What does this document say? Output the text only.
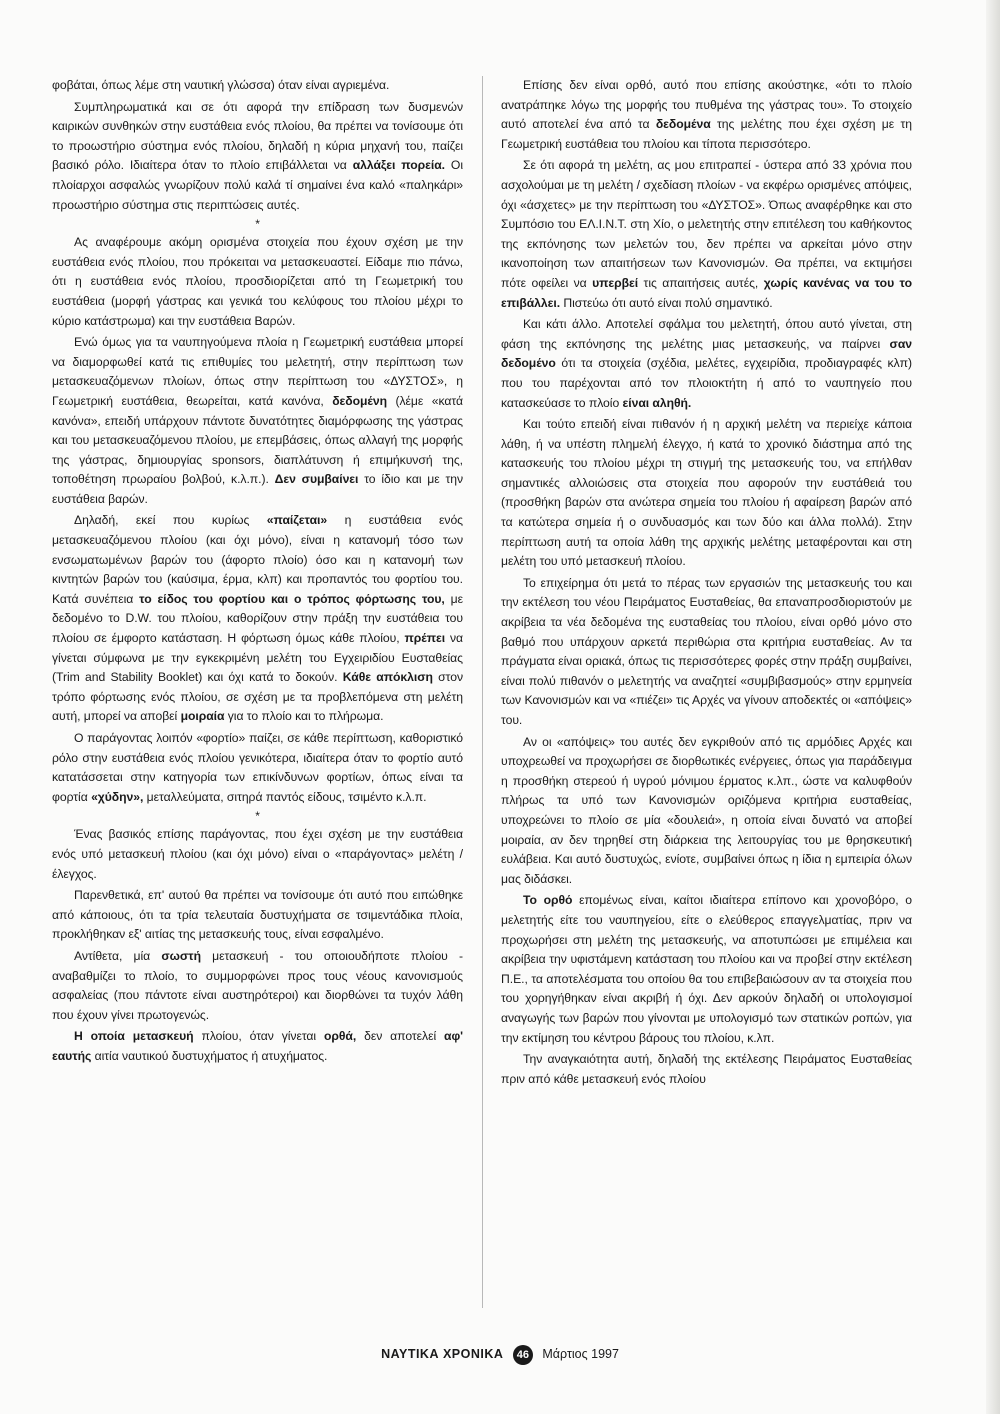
φοβάται, όπως λέμε στη ναυτική γλώσσα) όταν είναι αγριεμένα.

Συμπληρωματικά και σε ότι αφορά την επίδραση των δυσμενών καιρικών συνθηκών στην ευστάθεια ενός πλοίου, θα πρέπει να τονίσουμε ότι το προωστήριο σύστημα ενός πλοίου, δηλαδή η κύρια μηχανή του, παίζει βασικό ρόλο. Ιδιαίτερα όταν το πλοίο επιβάλλεται να αλλάξει πορεία. Οι πλοίαρχοι ασφαλώς γνωρίζουν πολύ καλά τί σημαίνει ένα καλό «παληκάρι» προωστήριο σύστημα στις περιπτώσεις αυτές.

*

Ας αναφέρουμε ακόμη ορισμένα στοιχεία που έχουν σχέση με την ευστάθεια ενός πλοίου, που πρόκειται να μετασκευαστεί. Είδαμε πιο πάνω, ότι η ευστάθεια ενός πλοίου, προσδιορίζεται από τη Γεωμετρική του ευστάθεια (μορφή γάστρας και γενικά του κελύφους του πλοίου μέχρι το κύριο κατάστρωμα) και την ευστάθεια Βαρών.

Ενώ όμως για τα ναυπηγούμενα πλοία η Γεωμετρική ευστάθεια μπορεί να διαμορφωθεί κατά τις επιθυμίες του μελετητή, στην περίπτωση των μετασκευαζόμενων πλοίων, όπως στην περίπτωση του «ΔΥΣΤΟΣ», η Γεωμετρική ευστάθεια, θεωρείται, κατά κανόνα, δεδομένη (λέμε «κατά κανόνα», επειδή υπάρχουν πάντοτε δυνατότητες διαμόρφωσης της γάστρας και του μετασκευαζόμενου πλοίου, με επεμβάσεις, όπως αλλαγή της μορφής της γάστρας, δημιουργίας sponsors, διαπλάτυνση ή επιμήκυνσή της, τοποθέτηση πρωραίου βολβού, κ.λ.π.). Δεν συμβαίνει το ίδιο και με την ευστάθεια βαρών.

Δηλαδή, εκεί που κυρίως «παίζεται» η ευστάθεια ενός μετασκευαζόμενου πλοίου (και όχι μόνο), είναι η κατανομή τόσο των ενσωματωμένων βαρών του (άφορτο πλοίο) όσο και η κατανομή των κιντητών βαρών του (καύσιμα, έρμα, κλπ) και προπαντός του φορτίου του. Κατά συνέπεια το είδος του φορτίου και ο τρόπος φόρτωσης του, με δεδομένο το D.W. του πλοίου, καθορίζουν στην πράξη την ευστάθεια του πλοίου σε έμφορτο κατάσταση. Η φόρτωση όμως κάθε πλοίου, πρέπει να γίνεται σύμφωνα με την εγκεκριμένη μελέτη του Εγχειριδίου Ευσταθείας (Trim and Stability Booklet) και όχι κατά το δοκούν. Κάθε απόκλιση στον τρόπο φόρτωσης ενός πλοίου, σε σχέση με τα προβλεπόμενα στη μελέτη αυτή, μπορεί να αποβεί μοιραία για το πλοίο και το πλήρωμα.

Ο παράγοντας λοιπόν «φορτίο» παίζει, σε κάθε περίπτωση, καθοριστικό ρόλο στην ευστάθεια ενός πλοίου γενικότερα, ιδιαίτερα όταν το φορτίο αυτό κατατάσσεται στην κατηγορία των επικίνδυνων φορτίων, όπως είναι τα φορτία «χύδην», μεταλλεύματα, σιτηρά παντός είδους, τσιμέντο κ.λ.π.

*

Ένας βασικός επίσης παράγοντας, που έχει σχέση με την ευστάθεια ενός υπό μετασκευή πλοίου (και όχι μόνο) είναι ο «παράγοντας» μελέτη / έλεγχος.

Παρενθετικά, επ' αυτού θα πρέπει να τονίσουμε ότι αυτό που ειπώθηκε από κάποιους, ότι τα τρία τελευταία δυστυχήματα σε τσιμεντάδικα πλοία, προκλήθηκαν εξ' αιτίας της μετασκευής τους, είναι εσφαλμένο.

Αντίθετα, μία σωστή μετασκευή - του οποιουδήποτε πλοίου - αναβαθμίζει το πλοίο, το συμμορφώνει προς τους νέους κανονισμούς ασφαλείας (που πάντοτε είναι αυστηρότεροι) και διορθώνει τα τυχόν λάθη που έχουν γίνει πρωτογενώς.

Η οποία μετασκευή πλοίου, όταν γίνεται ορθά, δεν αποτελεί αφ' εαυτής αιτία ναυτικού δυστυχήματος ή ατυχήματος.

Επίσης δεν είναι ορθό, αυτό που επίσης ακούστηκε, «ότι το πλοίο ανατράπηκε λόγω της μορφής του πυθμένα της γάστρας του». Το στοιχείο αυτό αποτελεί ένα από τα δεδομένα της μελέτης που έχει σχέση με τη Γεωμετρική ευστάθεια του πλοίου και τίποτα περισσότερο.

Σε ότι αφορά τη μελέτη, ας μου επιτραπεί - ύστερα από 33 χρόνια που ασχολούμαι με τη μελέτη / σχεδίαση πλοίων - να εκφέρω ορισμένες απόψεις, όχι «άσχετες» με την περίπτωση του «ΔΥΣΤΟΣ». Όπως αναφέρθηκε και στο Συμπόσιο του ΕΛ.Ι.Ν.Τ. στη Χίο, ο μελετητής στην επιτέλεση του καθήκοντος της εκπόνησης των μελετών του, δεν πρέπει να αρκείται μόνο στην ικανοποίηση των απαιτήσεων των Κανονισμών. Θα πρέπει, να εκτιμήσει πότε οφείλει να υπερβεί τις απαιτήσεις αυτές, χωρίς κανένας να του το επιβάλλει. Πιστεύω ότι αυτό είναι πολύ σημαντικό.

Και κάτι άλλο. Αποτελεί σφάλμα του μελετητή, όπου αυτό γίνεται, στη φάση της εκπόνησης της μελέτης μιας μετασκευής, να παίρνει σαν δεδομένο ότι τα στοιχεία (σχέδια, μελέτες, εγχειρίδια, προδιαγραφές κλπ) που του παρέχονται από τον πλοιοκτήτη ή από το ναυπηγείο που κατασκεύασε το πλοίο είναι αληθή.

Και τούτο επειδή είναι πιθανόν ή η αρχική μελέτη να περιείχε κάποια λάθη, ή να υπέστη πλημελή έλεγχο, ή κατά το χρονικό διάστημα από της κατασκευής του πλοίου μέχρι τη στιγμή της μετασκευής του, να επήλθαν σημαντικές αλλοιώσεις στα στοιχεία που αφορούν την ευστάθειά του (προσθήκη βαρών στα ανώτερα σημεία του πλοίου ή αφαίρεση βαρών από τα κατώτερα σημεία ή ο συνδυασμός και των δύο και άλλα πολλά). Στην περίπτωση αυτή τα οποία λάθη της αρχικής μελέτης μεταφέρονται και στη μελέτη του υπό μετασκευή πλοίου.

Το επιχείρημα ότι μετά το πέρας των εργασιών της μετασκευής του και την εκτέλεση του νέου Πειράματος Ευσταθείας, θα επαναπροσδιοριστούν με ακρίβεια τα νέα δεδομένα της ευσταθείας του πλοίου, είναι ορθό μόνο στο βαθμό που υπάρχουν αρκετά περιθώρια στα κριτήρια ευσταθείας. Αν τα πράγματα είναι οριακά, όπως τις περισσότερες φορές στην πράξη συμβαίνει, είναι πολύ πιθανόν ο μελετητής να αναζητεί «συμβιβασμούς» στην ερμηνεία των Κανονισμών και να «πιέζει» τις Αρχές να γίνουν αποδεκτές οι «απόψεις» του.

Αν οι «απόψεις» του αυτές δεν εγκριθούν από τις αρμόδιες Αρχές και υποχρεωθεί να προχωρήσει σε διορθωτικές ενέργειες, όπως για παράδειγμα η προσθήκη στερεού ή υγρού μόνιμου έρματος κ.λπ., ώστε να καλυφθούν πλήρως τα υπό των Κανονισμών οριζόμενα κριτήρια ευσταθείας, υποχρεώνει το πλοίο σε μία «δουλειά», η οποία είναι δυνατό να αποβεί μοιραία, αν δεν τηρηθεί στη διάρκεια της λειτουργίας του με θρησκευτική ευλάβεια. Και αυτό δυστυχώς, ενίοτε, συμβαίνει όπως η ίδια η εμπειρία όλων μας διδάσκει.

Το ορθό επομένως είναι, καίτοι ιδιαίτερα επίπονο και χρονοβόρο, ο μελετητής είτε του ναυπηγείου, είτε ο ελεύθερος επαγγελματίας, πριν να προχωρήσει στη μελέτη της μετασκευής, να αποτυπώσει με επιμέλεια και ακρίβεια την υφιστάμενη κατάσταση του πλοίου και να προβεί στην εκτέλεση Π.Ε., τα αποτελέσματα του οποίου θα του επιβεβαιώσουν αν τα στοιχεία που του χορηγήθηκαν είναι ακριβή ή όχι. Δεν αρκούν δηλαδή οι υπολογισμοί αναγωγής των βαρών που γίνονται με υπολογισμό των στατικών ροπών, για την εκτίμηση του κέντρου βάρους του πλοίου, κ.λπ.

Την αναγκαιότητα αυτή, δηλαδή της εκτέλεσης Πειράματος Ευσταθείας πριν από κάθε μετασκευή ενός πλοίου

ΝΑΥΤΙΚΑ ΧΡΟΝΙΚΑ 46 Μάρτιος 1997
